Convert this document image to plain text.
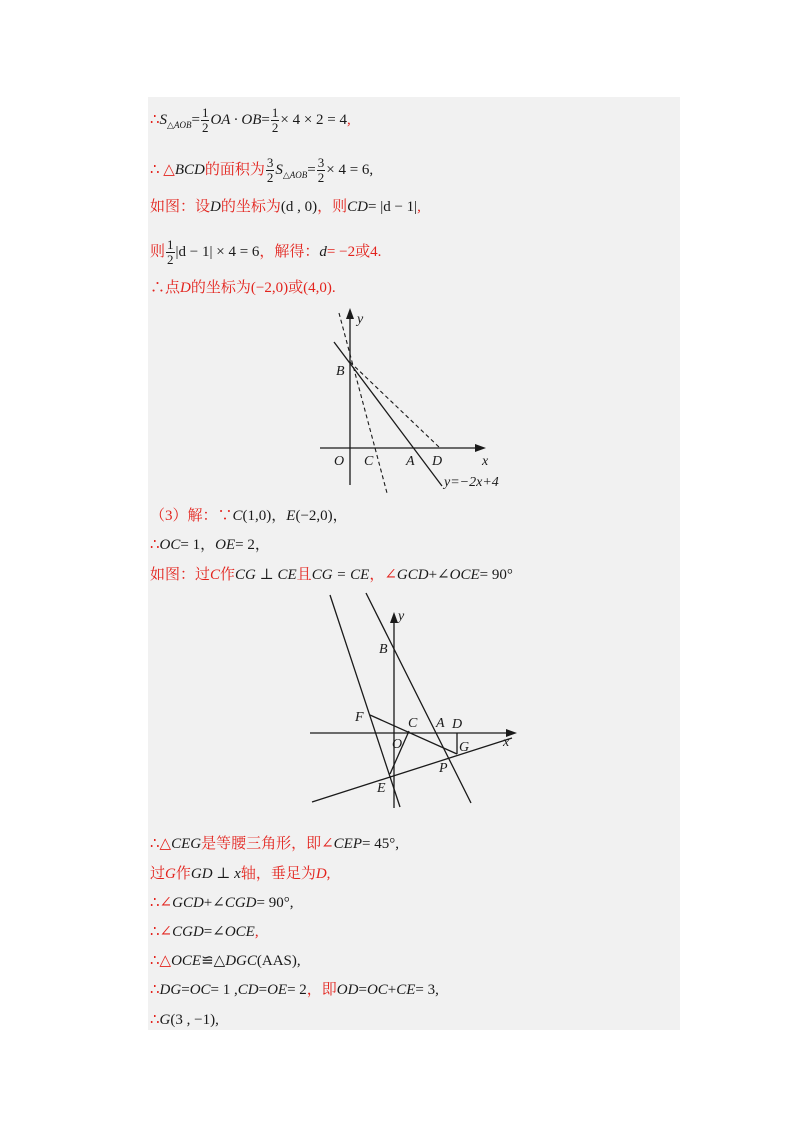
$\therefore S_{\triangle AOB}= \frac{1}{2}$ OA · $OB= \frac{1}{2} \times 4 \times 2 = 4$,
∴ △BCD的面积为 $\frac{3}{2} S_{\triangle AOB}= \frac{3}{2} \times 4 = 6$,
如图：设D的坐标为(d , 0)，则CD= |d − 1|,
则 $\frac{1}{2} |d - 1| \times 4 = 6$，解得：d= −2或4.
∴点D的坐标为(−2,0)或(4,0).
y
x
B
O C A D
y=−2x+4
（3）解：∵C(1,0)，E(−2,0)，
∴OC= 1，OE= 2，
如图：过C作CG ⊥ CE且CG = CE，∠GCD+∠OCE= 90°
y
x
B
F	C A D
O	G
P
E
∴△CEG是等腰三角形，即∠CEP= 45°,
过G作GD ⊥ x轴，垂足为D,
∴∠GCD+∠CGD= 90°,
∴∠CGD=∠OCE,
∴△OCE≌△DGC(AAS),
∴DG=OC= 1 ,CD=OE= 2，即OD=OC+CE= 3,
∴G(3 , −1),
